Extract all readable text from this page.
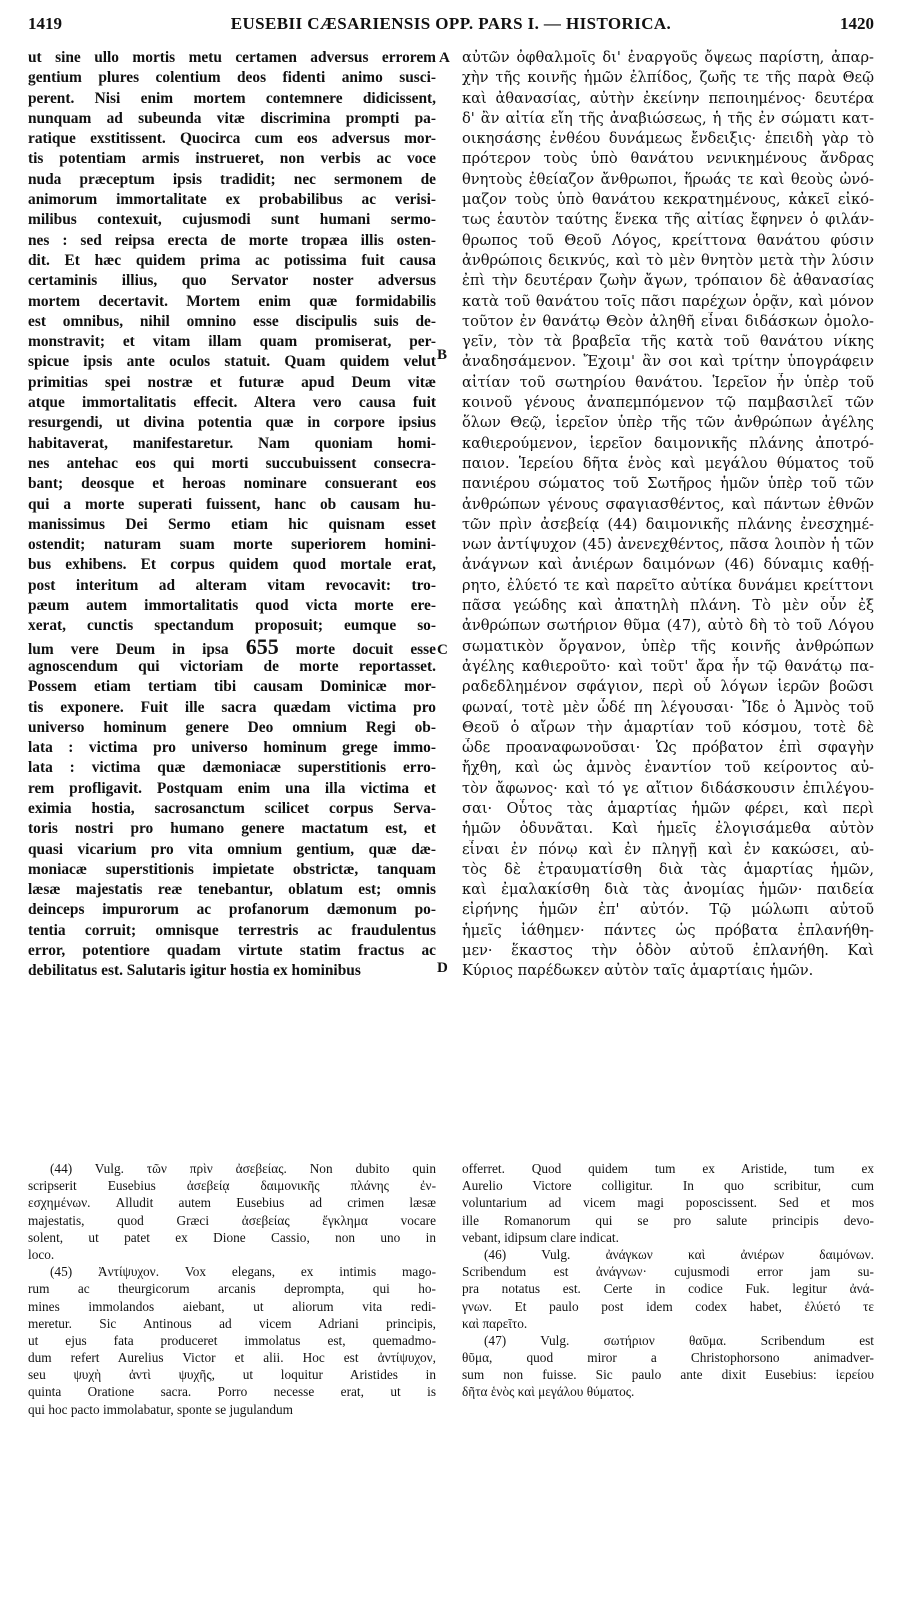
1419	EUSEBII CÆSARIENSIS OPP. PARS I. — HISTORICA.	1420
ut sine ullo mortis metu certamen adversus errorem
gentium plures colentium deos fidenti animo susci-
perent. Nisi enim mortem contemnere didicissent,
nunquam ad subeunda vitæ discrimina prompti pa-
ratique exstitissent. Quocirca cum eos adversus mor-
tis potentiam armis instrueret, non verbis ac voce
nuda præceptum ipsis tradidit; nec sermonem de
animorum immortalitate ex probabilibus ac verisi-
milibus contexuit, cujusmodi sunt humani sermo-
nes : sed reipsa erecta de morte tropæa illis osten-
dit. Et hæc quidem prima ac potissima fuit causa
certaminis illius, quo Servator noster adversus
mortem decertavit. Mortem enim quæ formidabilis
est omnibus, nihil omnino esse discipulis suis de-
monstravit; et vitam illam quam promiserat, per-
spicue ipsis ante oculos statuit. Quam quidem velut
primitias spei nostræ et futuræ apud Deum vitæ
atque immortalitatis effecit. Altera vero causa fuit
resurgendi, ut divina potentia quæ in corpore ipsius
habitaverat, manifestaretur. Nam quoniam homi-
nes antehac eos qui morti succubuissent consecra-
bant; deosque et heroas nominare consuerant eos
qui a morte superati fuissent, hanc ob causam hu-
manissimus Dei Sermo etiam hic quisnam esset
ostendit; naturam suam morte superiorem homini-
bus exhibens. Et corpus quidem quod mortale erat,
post interitum ad alteram vitam revocavit: tro-
pæum autem immortalitatis quod victa morte ere-
xerat, cunctis spectandum proposuit; eumque so-
lum vere Deum in ipsa 655 morte docuit esse
agnoscendum qui victoriam de morte reportasset.
Possem etiam tertiam tibi causam Dominicæ mor-
tis exponere. Fuit ille sacra quædam victima pro
universo hominum genere Deo omnium Regi ob-
lata : victima pro universo hominum grege immo-
lata : victima quæ dæmoniacæ superstitionis erro-
rem profligavit. Postquam enim una illa victima et
eximia hostia, sacrosanctum scilicet corpus Serva-
toris nostri pro humano genere mactatum est, et
quasi vicarium pro vita omnium gentium, quæ dæ-
moniacæ superstitionis impietate obstrictæ, tanquam
læsæ majestatis reæ tenebantur, oblatum est; omnis
deinceps impurorum ac profanorum dæmonum po-
tentia corruit; omnisque terrestris ac fraudulentus
error, potentiore quadam virtute statim fractus ac
debilitatus est. Salutaris igitur hostia ex hominibus
αὐτῶν ὀφθαλμοῖς δι' ἐναργοῦς ὄψεως παρίστη, ἀπαρ-
χὴν τῆς κοινῆς ἡμῶν ἐλπίδος, ζωῆς τε τῆς παρὰ Θεῷ
καὶ ἀθανασίας, αὐτὴν ἐκείνην πεποιημένος· δευτέρα
δ' ἂν αἰτία εἴη τῆς ἀναβιώσεως, ἡ τῆς ἐν σώματι κατ-
οικησάσης ἐνθέου δυνάμεως ἔνδειξις· ἐπειδὴ γὰρ τὸ
πρότερον τοὺς ὑπὸ θανάτου νενικημένους ἄνδρας
θνητοὺς ἐθείαζον ἄνθρωποι, ἥρωάς τε καὶ θεοὺς ὠνό-
μαζον τοὺς ὑπὸ θανάτου κεκρατημένους, κἀκεῖ εἰκό-
τως ἑαυτὸν ταύτης ἕνεκα τῆς αἰτίας ἔφηνεν ὁ φιλάν-
θρωπος τοῦ Θεοῦ Λόγος, κρείττονα θανάτου φύσιν
ἀνθρώποις δεικνύς, καὶ τὸ μὲν θνητὸν μετὰ τὴν λύσιν
ἐπὶ τὴν δευτέραν ζωὴν ἄγων, τρόπαιον δὲ ἀθανασίας
κατὰ τοῦ θανάτου τοῖς πᾶσι παρέχων ὁρᾷν, καὶ μόνον
τοῦτον ἐν θανάτῳ Θεὸν ἀληθῆ εἶναι διδάσκων ὁμολο-
γεῖν, τὸν τὰ βραβεῖα τῆς κατὰ τοῦ θανάτου νίκης
ἀναδησάμενον. Ἔχοιμ' ἂν σοι καὶ τρίτην ὑπογράφειν
αἰτίαν τοῦ σωτηρίου θανάτου. Ἱερεῖον ἦν ὑπὲρ τοῦ
κοινοῦ γένους ἀναπεμπόμενον τῷ παμβασιλεῖ τῶν
ὅλων Θεῷ, ἱερεῖον ὑπὲρ τῆς τῶν ἀνθρώπων ἀγέλης
καθιερούμενον, ἱερεῖον δαιμονικῆς πλάνης ἀποτρό-
παιον. Ἱερείου δῆτα ἑνὸς καὶ μεγάλου θύματος τοῦ
πανιέρου σώματος τοῦ Σωτῆρος ἡμῶν ὑπὲρ τοῦ τῶν
ἀνθρώπων γένους σφαγιασθέντος, καὶ πάντων ἐθνῶν
τῶν πρὶν ἀσεβείᾳ (44) δαιμονικῆς πλάνης ἐνεσχημέ-
νων ἀντίψυχον (45) ἀνενεχθέντος, πᾶσα λοιπὸν ἡ τῶν
ἀνάγνων καὶ ἀνιέρων δαιμόνων (46) δύναμις καθῄ-
ρητο, ἐλύετό τε καὶ παρεῖτο αὐτίκα δυνάμει κρείττονι
πᾶσα γεώδης καὶ ἀπατηλὴ πλάνη. Τὸ μὲν οὖν ἐξ
ἀνθρώπων σωτήριον θῦμα (47), αὐτὸ δὴ τὸ τοῦ Λόγου
σωματικὸν ὄργανον, ὑπὲρ τῆς κοινῆς ἀνθρώπων
ἀγέλης καθιεροῦτο· καὶ τοῦτ' ἄρα ἦν τῷ θανάτῳ πα-
ραδεδλημένον σφάγιον, περὶ οὗ λόγων ἱερῶν βοῶσι
φωναί, τοτὲ μὲν ὧδέ πη λέγουσαι· Ἴδε ὁ Ἀμνὸς τοῦ
Θεοῦ ὁ αἴρων τὴν ἁμαρτίαν τοῦ κόσμου, τοτὲ δὲ
ὧδε προαναφωνοῦσαι· Ὡς πρόβατον ἐπὶ σφαγὴν
ἤχθη, καὶ ὡς ἀμνὸς ἐναντίον τοῦ κείροντος αὐ-
τὸν ἄφωνος· καὶ τό γε αἴτιον διδάσκουσιν ἐπιλέγου-
σαι· Οὗτος τὰς ἁμαρτίας ἡμῶν φέρει, καὶ περὶ
ἡμῶν ὀδυνᾶται. Καὶ ἡμεῖς ἐλογισάμεθα αὐτὸν
εἶναι ἐν πόνῳ καὶ ἐν πληγῇ καὶ ἐν κακώσει, αὐ-
τὸς δὲ ἐτραυματίσθη διὰ τὰς ἁμαρτίας ἡμῶν,
καὶ ἐμαλακίσθη διὰ τὰς ἀνομίας ἡμῶν· παιδεία
εἰρήνης ἡμῶν ἐπ' αὐτόν. Τῷ μώλωπι αὐτοῦ
ἡμεῖς ἰάθημεν· πάντες ὡς πρόβατα ἐπλανήθη-
μεν· ἕκαστος τὴν ὁδὸν αὐτοῦ ἐπλανήθη. Καὶ
Κύριος παρέδωκεν αὐτὸν ταῖς ἁμαρτίαις ἡμῶν.
A
B
C
D
(44) Vulg. τῶν πρὶν ἀσεβείας. Non dubito quin
scripserit Eusebius ἀσεβείᾳ δαιμονικῆς πλάνης ἐν-
εσχημένων. Alludit autem Eusebius ad crimen læsæ
majestatis, quod Græci ἀσεβείας ἔγκλημα vocare
solent, ut patet ex Dione Cassio, non uno in
loco.
(45) Ἀντίψυχον. Vox elegans, ex intimis mago-
rum ac theurgicorum arcanis deprompta, qui ho-
mines immolandos aiebant, ut aliorum vita redi-
meretur. Sic Antinous ad vicem Adriani principis,
ut ejus fata produceret immolatus est, quemadmo-
dum refert Aurelius Victor et alii. Hoc est ἀντίψυχον,
seu ψυχὴ ἀντὶ ψυχῆς, ut loquitur Aristides in
quinta Oratione sacra. Porro necesse erat, ut is
qui hoc pacto immolabatur, sponte se jugulandum
offerret. Quod quidem tum ex Aristide, tum ex
Aurelio Victore colligitur. In quo scribitur, cum
voluntarium ad vicem magi poposcissent. Sed et mos
ille Romanorum qui se pro salute principis devo-
vebant, idipsum clare indicat.
(46) Vulg. ἀνάγκων καὶ ἀνιέρων δαιμόνων.
Scribendum est ἀνάγνων· cujusmodi error jam su-
pra notatus est. Certe in codice Fuk. legitur ἀνά-
γνων. Et paulo post idem codex habet, ἐλύετό τε
καὶ παρεῖτο.
(47) Vulg. σωτήριον θαῦμα. Scribendum est
θῦμα, quod miror a Christophorsono animadver-
sum non fuisse. Sic paulo ante dixit Eusebius: ἱερείου
δῆτα ἑνὸς καὶ μεγάλου θύματος.
